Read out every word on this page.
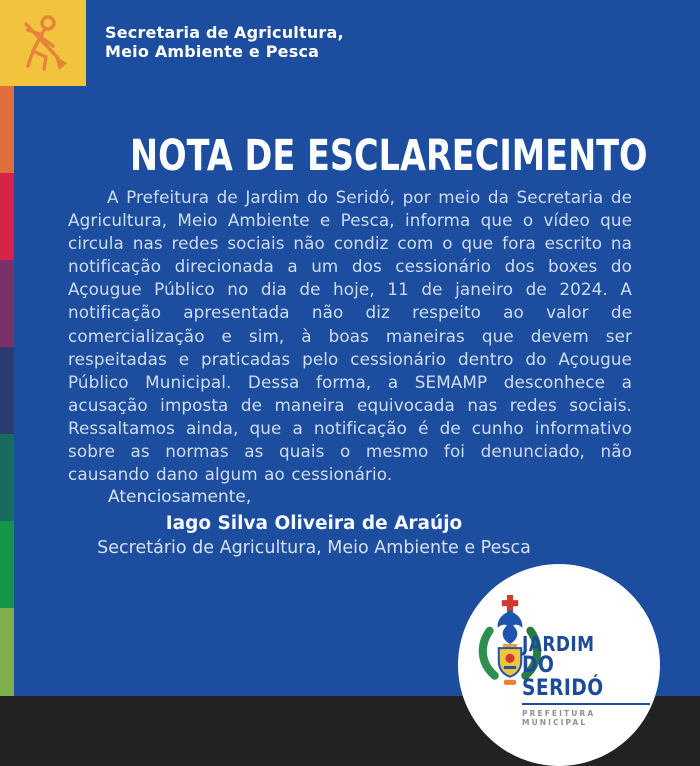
Secretaria de Agricultura,
Meio Ambiente e Pesca
NOTA DE ESCLARECIMENTO

A Prefeitura de Jardim do Seridó, por meio da Secretaria de Agricultura, Meio Ambiente e Pesca, informa que o vídeo que circula nas redes sociais não condiz com o que fora escrito na notificação direcionada a um dos cessionário dos boxes do Açougue Público no dia de hoje, 11 de janeiro de 2024. A notificação apresentada não diz respeito ao valor de comercialização e sim, à boas maneiras que devem ser respeitadas e praticadas pelo cessionário dentro do Açougue Público Municipal. Dessa forma, a SEMAMP desconhece a acusação imposta de maneira equivocada nas redes sociais. Ressaltamos ainda, que a notificação é de cunho informativo sobre as normas as quais o mesmo foi denunciado, não causando dano algum ao cessionário.

Atenciosamente,
Iago Silva Oliveira de Araújo
Secretário de Agricultura, Meio Ambiente e Pesca
JARDIM
DO SERIDÓ
PREFEITURA MUNICIPAL
